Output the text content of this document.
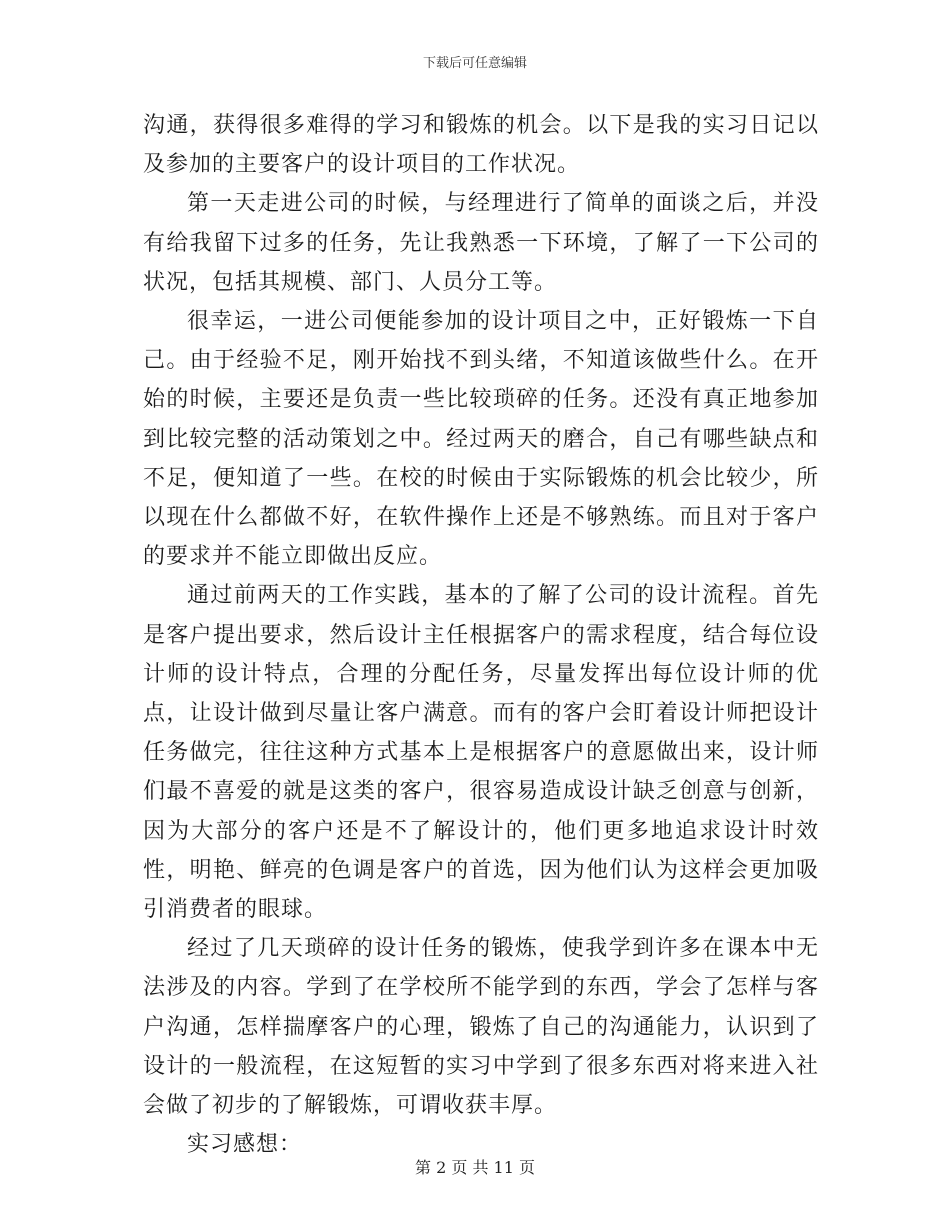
下载后可任意编辑

沟通，获得很多难得的学习和锻炼的机会。以下是我的实习日记以及参加的主要客户的设计项目的工作状况。

第一天走进公司的时候，与经理进行了简单的面谈之后，并没有给我留下过多的任务，先让我熟悉一下环境，了解了一下公司的状况，包括其规模、部门、人员分工等。

很幸运，一进公司便能参加的设计项目之中，正好锻炼一下自己。由于经验不足，刚开始找不到头绪，不知道该做些什么。在开始的时候，主要还是负责一些比较琐碎的任务。还没有真正地参加到比较完整的活动策划之中。经过两天的磨合，自己有哪些缺点和不足，便知道了一些。在校的时候由于实际锻炼的机会比较少，所以现在什么都做不好，在软件操作上还是不够熟练。而且对于客户的要求并不能立即做出反应。

通过前两天的工作实践，基本的了解了公司的设计流程。首先是客户提出要求，然后设计主任根据客户的需求程度，结合每位设计师的设计特点，合理的分配任务，尽量发挥出每位设计师的优点，让设计做到尽量让客户满意。而有的客户会盯着设计师把设计任务做完，往往这种方式基本上是根据客户的意愿做出来，设计师们最不喜爱的就是这类的客户，很容易造成设计缺乏创意与创新，因为大部分的客户还是不了解设计的，他们更多地追求设计时效性，明艳、鲜亮的色调是客户的首选，因为他们认为这样会更加吸引消费者的眼球。

经过了几天琐碎的设计任务的锻炼，使我学到许多在课本中无法涉及的内容。学到了在学校所不能学到的东西，学会了怎样与客户沟通，怎样揣摩客户的心理，锻炼了自己的沟通能力，认识到了设计的一般流程，在这短暂的实习中学到了很多东西对将来进入社会做了初步的了解锻炼，可谓收获丰厚。

实习感想：

第 2 页 共 11 页
